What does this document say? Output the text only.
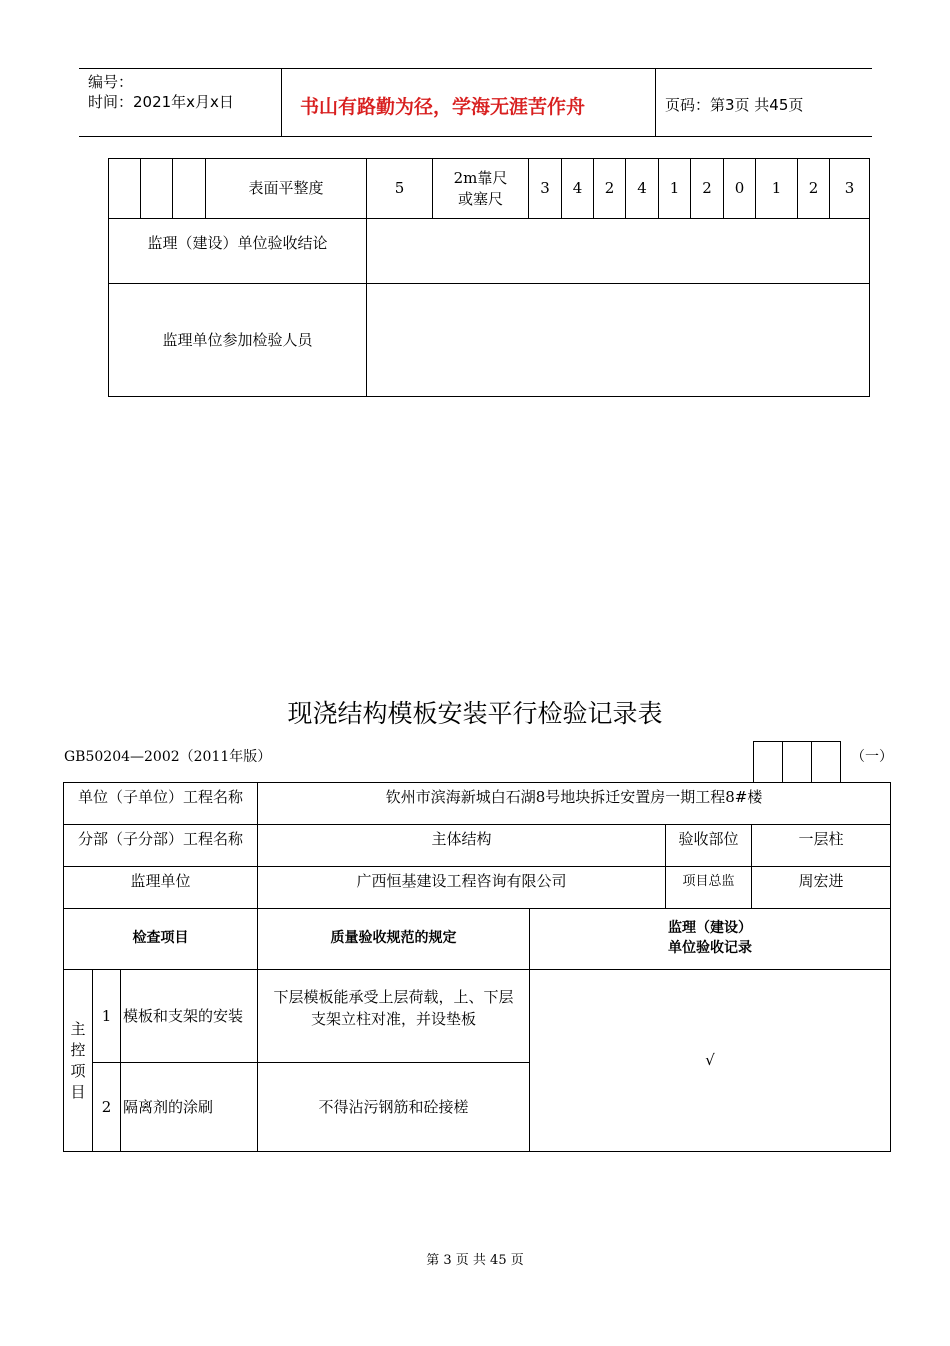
编号：
时间：2021年x月x日	书山有路勤为径，学海无涯苦作舟	页码：第3页 共45页
			表面平整度	5	2m靠尺
或塞尺	3	4	2	4	1	2	0	1	2	3
监理（建设）单位验收结论															
监理单位参加检验人员															
现浇结构模板安装平行检验记录表
GB50204—2002（2011年版）
			（一）
单位（子单位）工程名称			钦州市滨海新城白石湖8号地块拆迁安置房一期工程8#楼			
分部（子分部）工程名称			主体结构		验收部位	一层柱
监理单位			广西恒基建设工程咨询有限公司		项目总监	周宏进
检查项目			质量验收规范的规定	监理（建设）
单位验收记录		

主控项目	1	模板和支架的安装	下层模板能承受上层荷载，上、下层
支架立柱对准，并设垫板	√		
	2	隔离剂的涂刷	不得沾污钢筋和砼接槎			
第 3 页 共 45 页
